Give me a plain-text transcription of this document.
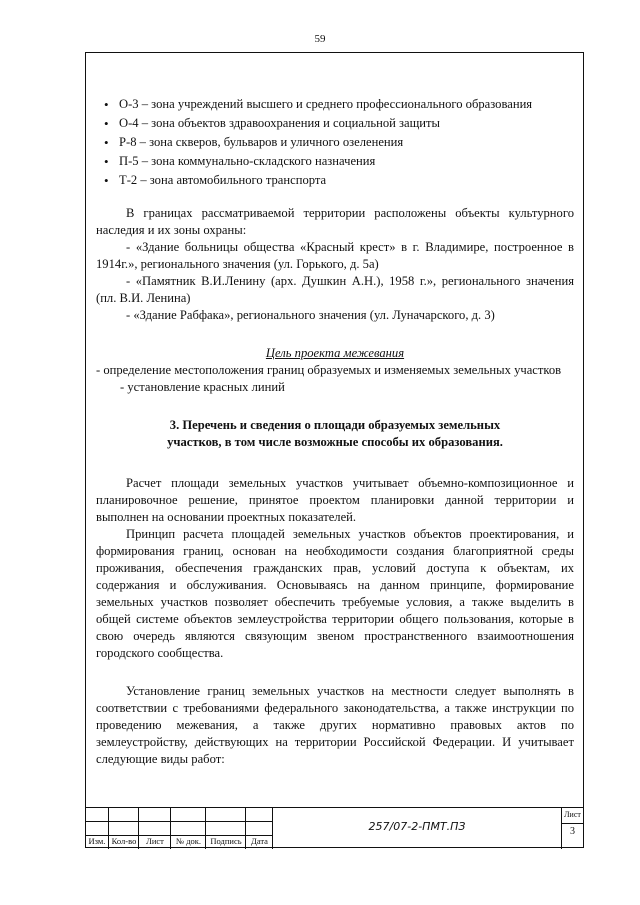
59
• О-3 – зона учреждений высшего и среднего профессионального образования
• О-4 – зона объектов здравоохранения и социальной защиты
• Р-8 – зона скверов, бульваров и уличного озеленения
• П-5 – зона коммунально-складского назначения
• Т-2 – зона автомобильного транспорта

В границах рассматриваемой территории расположены объекты культурного наследия и их зоны охраны:

- «Здание больницы общества «Красный крест» в г. Владимире, построенное в 1914г.», регионального значения (ул. Горького, д. 5а)

- «Памятник В.И.Ленину (арх. Душкин А.Н.), 1958 г.», регионального значения (пл. В.И. Ленина)

- «Здание Рабфака», регионального значения (ул. Луначарского, д. 3)

Цель проекта межевания

- определение местоположения границ образуемых и изменяемых земельных участков

- установление красных линий

3. Перечень и сведения о площади образуемых земельных

участков, в том числе возможные способы их образования.

Расчет площади земельных участков учитывает объемно-композиционное и планировочное решение, принятое проектом планировки данной территории и выполнен на основании проектных показателей.

Принцип расчета площадей земельных участков объектов проектирования, и формирования границ, основан на необходимости создания благоприятной среды проживания, обеспечения гражданских прав, условий доступа к объектам, их содержания и обслуживания. Основываясь на данном принципе, формирование земельных участков позволяет обеспечить требуемые условия, а также выделить в общей системе объектов землеустройства территории общего пользования, которые в свою очередь являются связующим звеном пространственного взаимоотношения городского сообщества.

Установление границ земельных участков на местности следует выполнять в соответствии с требованиями федерального законодательства, а также инструкции по проведению межевания, а также других нормативно правовых актов по землеустройству, действующих на территории Российской Федерации. И учитывает следующие виды работ:

Изм. Кол-во	Лист	№ док.	Подпись	Дата
257/07-2-ПМТ.ПЗ
Лист
3
